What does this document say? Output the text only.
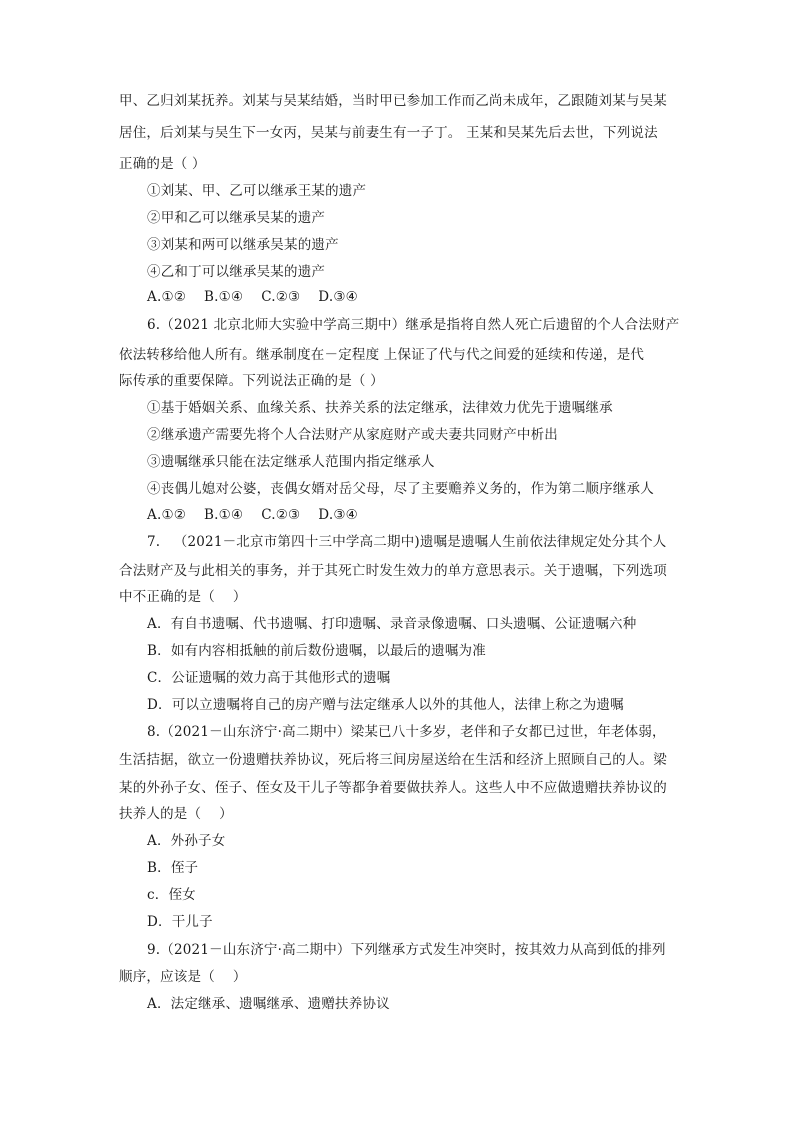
甲、乙归刘某抚养。刘某与吴某结婚，当时甲已参加工作而乙尚未成年，乙跟随刘某与吴某
居住，后刘某与吴生下一女丙，吴某与前妻生有一子丁。 王某和吴某先后去世，下列说法
正确的是（ ）
①刘某、甲、乙可以继承王某的遗产
②甲和乙可以继承吴某的遗产
③刘某和两可以继承吴某的遗产
④乙和丁可以继承吴某的遗产
A.①②    B.①④    C.②③    D.③④
6.（2021 北京北师大实验中学高三期中）继承是指将自然人死亡后遗留的个人合法财产
依法转移给他人所有。继承制度在－定程度 上保证了代与代之间爱的延续和传递，是代
际传承的重要保障。下列说法正确的是（ ）
①基于婚姻关系、血缘关系、扶养关系的法定继承，法律效力优先于遗嘱继承
②继承遗产需要先将个人合法财产从家庭财产或夫妻共同财产中析出
③遗嘱继承只能在法定继承人范围内指定继承人
④丧偶儿媳对公婆，丧偶女婿对岳父母，尽了主要赡养义务的，作为第二顺序继承人
A.①②    B.①④    C.②③    D.③④
7.   （2021－北京市第四十三中学高二期中)遗嘱是遗嘱人生前依法律规定处分其个人
合法财产及与此相关的事务，并于其死亡时发生效力的单方意思表示。关于遗嘱，下列选项
中不正确的是（    ）
A．有自书遗嘱、代书遗嘱、打印遗嘱、录音录像遗嘱、口头遗嘱、公证遗嘱六种
B．如有内容相抵触的前后数份遗嘱，以最后的遗嘱为准
C．公证遗嘱的效力高于其他形式的遗嘱
D．可以立遗嘱将自己的房产赠与法定继承人以外的其他人，法律上称之为遗嘱
8.（2021－山东济宁·高二期中）梁某已八十多岁，老伴和子女都已过世，年老体弱，
生活拮据，欲立一份遗赠扶养协议，死后将三间房屋送给在生活和经济上照顾自己的人。梁
某的外孙子女、侄子、侄女及干儿子等都争着要做扶养人。这些人中不应做遗赠扶养协议的
扶养人的是（    ）
A．外孙子女
B．侄子
c．侄女
D．干儿子
9.（2021－山东济宁·高二期中）下列继承方式发生冲突时，按其效力从高到低的排列
顺序，应该是（    ）
A．法定继承、遗嘱继承、遗赠扶养协议
